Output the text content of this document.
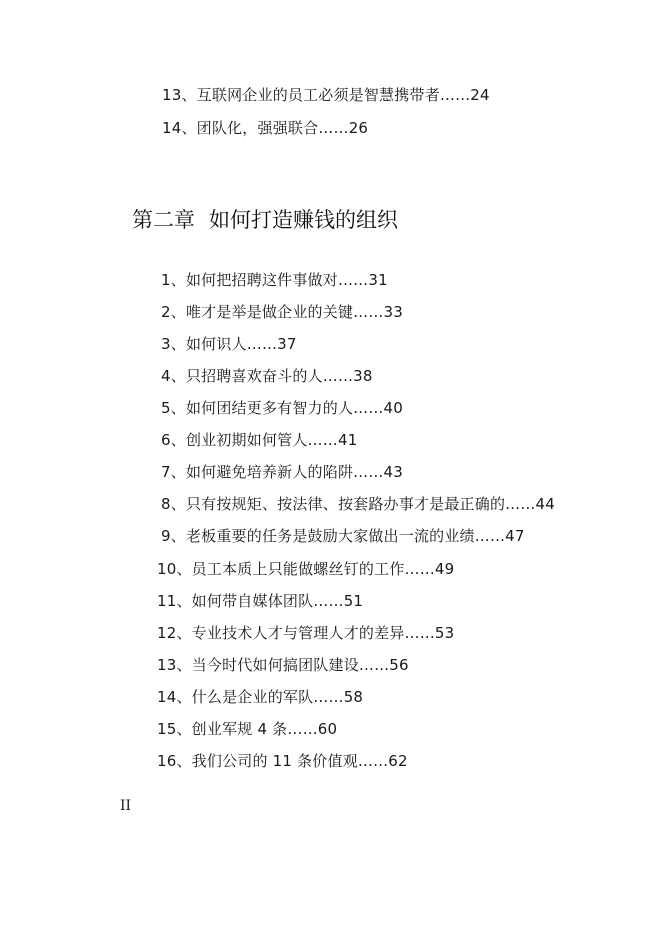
13、互联网企业的员工必须是智慧携带者……24
14、团队化，强强联合……26
第二章 如何打造赚钱的组织
1、如何把招聘这件事做对……31
2、唯才是举是做企业的关键……33
3、如何识人……37
4、只招聘喜欢奋斗的人……38
5、如何团结更多有智力的人……40
6、创业初期如何管人……41
7、如何避免培养新人的陷阱……43
8、只有按规矩、按法律、按套路办事才是最正确的……44
9、老板重要的任务是鼓励大家做出一流的业绩……47
10、员工本质上只能做螺丝钉的工作……49
11、如何带自媒体团队……51
12、专业技术人才与管理人才的差异……53
13、当今时代如何搞团队建设……56
14、什么是企业的军队……58
15、创业军规 4 条……60
16、我们公司的 11 条价值观……62
II
